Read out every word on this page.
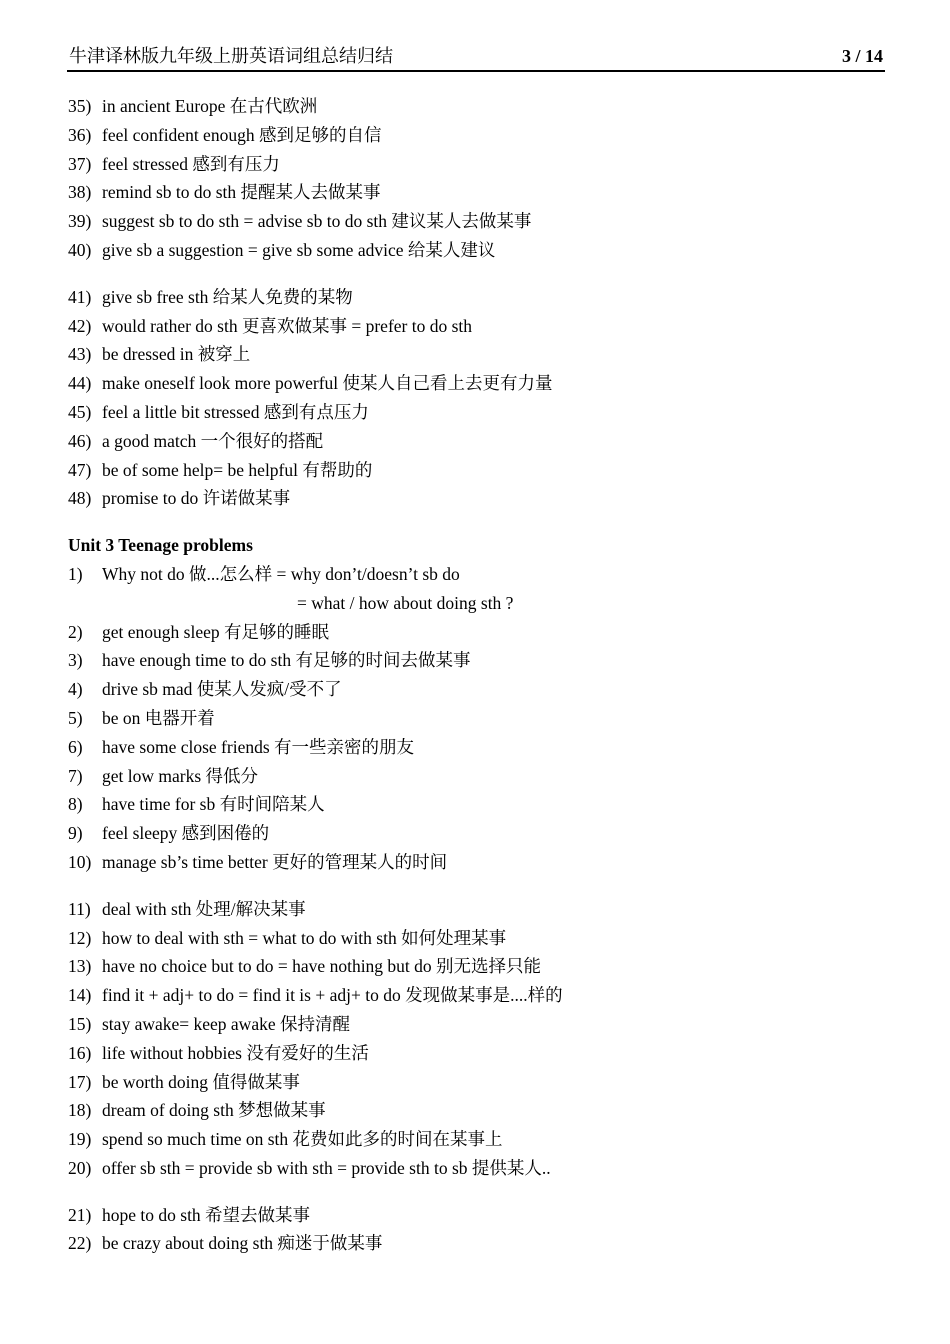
牛津译林版九年级上册英语词组总结归结	3 / 14
35) in ancient Europe 在古代欧洲
36) feel confident enough 感到足够的自信
37) feel stressed 感到有压力
38) remind sb to do sth 提醒某人去做某事
39) suggest sb to do sth = advise sb to do sth 建议某人去做某事
40) give sb a suggestion = give sb some advice 给某人建议
41) give sb free sth 给某人免费的某物
42) would rather do sth 更喜欢做某事 = prefer to do sth
43) be dressed in 被穿上
44) make oneself look more powerful 使某人自己看上去更有力量
45) feel a little bit stressed 感到有点压力
46) a good match 一个很好的搭配
47) be of some help= be helpful 有帮助的
48) promise to do 许诺做某事
Unit 3 Teenage problems
1) Why not do 做...怎么样 = why don’t/doesn’t sb do
= what / how about doing sth ?
2) get enough sleep 有足够的睡眠
3) have enough time to do sth 有足够的时间去做某事
4) drive sb mad 使某人发疯/受不了
5) be on 电器开着
6) have some close friends 有一些亲密的朋友
7) get low marks 得低分
8) have time for sb 有时间陪某人
9) feel sleepy 感到困倦的
10) manage sb’s time better 更好的管理某人的时间
11) deal with sth 处理/解决某事
12) how to deal with sth = what to do with sth 如何处理某事
13) have no choice but to do = have nothing but do 别无选择只能
14) find it + adj+ to do = find it is + adj+ to do 发现做某事是....样的
15) stay awake= keep awake 保持清醒
16) life without hobbies 没有爱好的生活
17) be worth doing 值得做某事
18) dream of doing sth 梦想做某事
19) spend so much time on sth 花费如此多的时间在某事上
20) offer sb sth = provide sb with sth = provide sth to sb 提供某人..
21) hope to do sth 希望去做某事
22) be crazy about doing sth 痴迷于做某事
